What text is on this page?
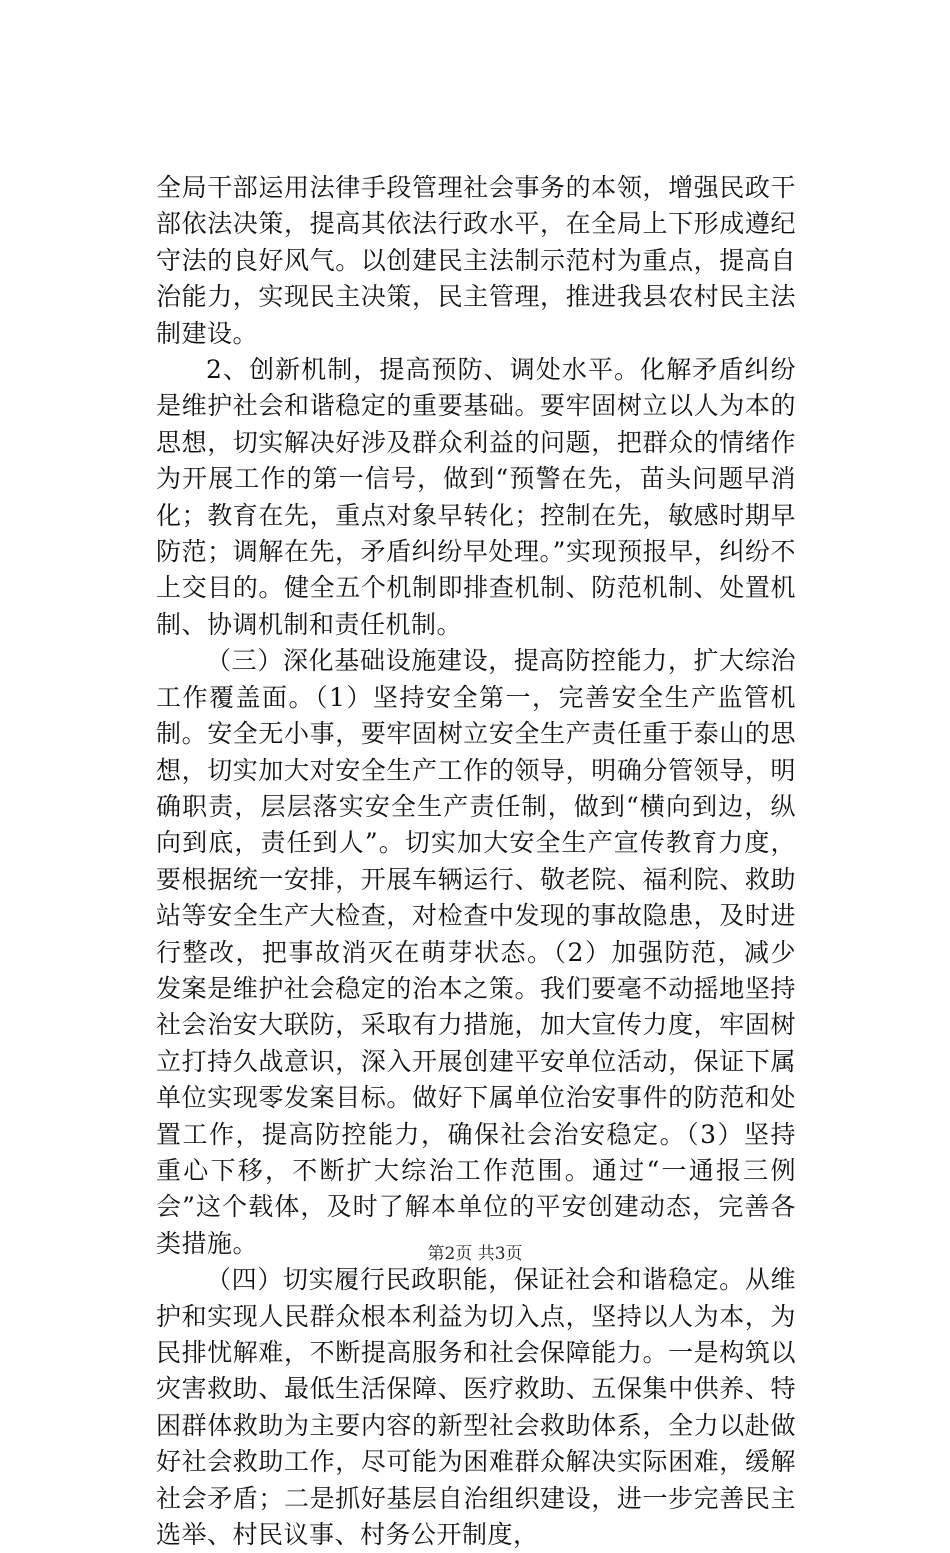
全局干部运用法律手段管理社会事务的本领，增强民政干部依法决策，提高其依法行政水平，在全局上下形成遵纪守法的良好风气。以创建民主法制示范村为重点，提高自治能力，实现民主决策，民主管理，推进我县农村民主法制建设。

2、创新机制，提高预防、调处水平。化解矛盾纠纷是维护社会和谐稳定的重要基础。要牢固树立以人为本的思想，切实解决好涉及群众利益的问题，把群众的情绪作为开展工作的第一信号，做到“预警在先，苗头问题早消化；教育在先，重点对象早转化；控制在先，敏感时期早防范；调解在先，矛盾纠纷早处理。”实现预报早，纠纷不上交目的。健全五个机制即排查机制、防范机制、处置机制、协调机制和责任机制。

（三）深化基础设施建设，提高防控能力，扩大综治工作覆盖面。（1）坚持安全第一，完善安全生产监管机制。安全无小事，要牢固树立安全生产责任重于泰山的思想，切实加大对安全生产工作的领导，明确分管领导，明确职责，层层落实安全生产责任制，做到“横向到边，纵向到底，责任到人”。切实加大安全生产宣传教育力度，要根据统一安排，开展车辆运行、敬老院、福利院、救助站等安全生产大检查，对检查中发现的事故隐患，及时进行整改，把事故消灭在萌芽状态。（2）加强防范，减少发案是维护社会稳定的治本之策。我们要毫不动摇地坚持社会治安大联防，采取有力措施，加大宣传力度，牢固树立打持久战意识，深入开展创建平安单位活动，保证下属单位实现零发案目标。做好下属单位治安事件的防范和处置工作，提高防控能力，确保社会治安稳定。（3）坚持重心下移，不断扩大综治工作范围。通过“一通报三例会”这个载体，及时了解本单位的平安创建动态，完善各类措施。

（四）切实履行民政职能，保证社会和谐稳定。从维护和实现人民群众根本利益为切入点，坚持以人为本，为民排忧解难，不断提高服务和社会保障能力。一是构筑以灾害救助、最低生活保障、医疗救助、五保集中供养、特困群体救助为主要内容的新型社会救助体系，全力以赴做好社会救助工作，尽可能为困难群众解决实际困难，缓解社会矛盾；二是抓好基层自治组织建设，进一步完善民主选举、村民议事、村务公开制度，

第2页 共3页
